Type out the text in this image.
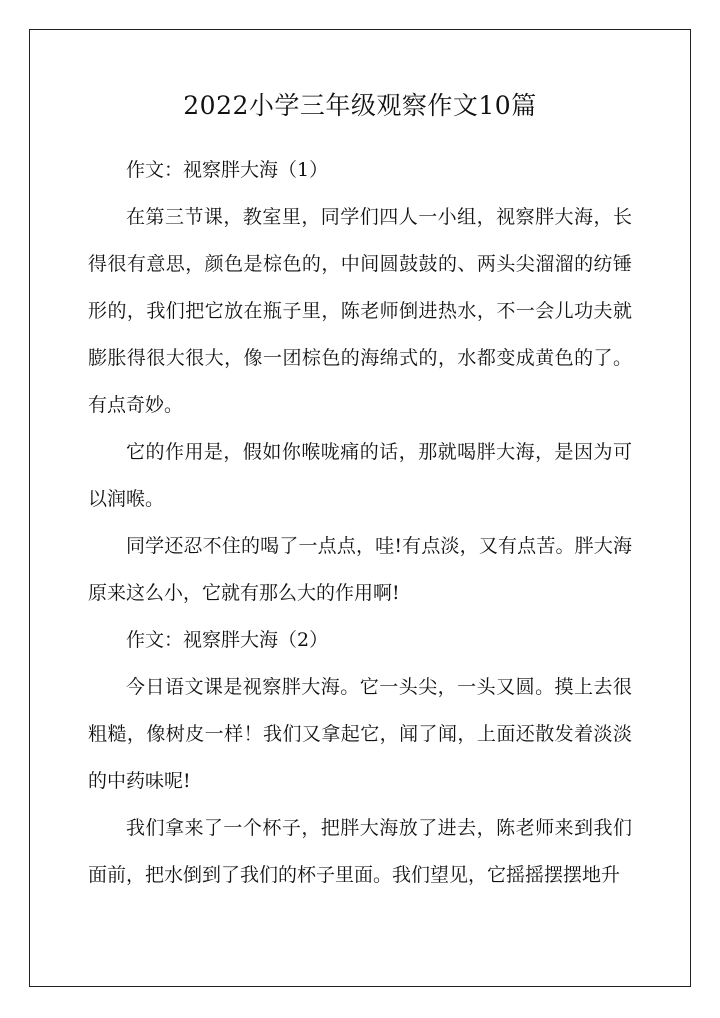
2022小学三年级观察作文10篇

作文：视察胖大海（1）

在第三节课，教室里，同学们四人一小组，视察胖大海，长得很有意思，颜色是棕色的，中间圆鼓鼓的、两头尖溜溜的纺锤形的，我们把它放在瓶子里，陈老师倒进热水，不一会儿功夫就膨胀得很大很大，像一团棕色的海绵式的，水都变成黄色的了。有点奇妙。

它的作用是，假如你喉咙痛的话，那就喝胖大海，是因为可以润喉。

同学还忍不住的喝了一点点，哇!有点淡，又有点苦。胖大海原来这么小，它就有那么大的作用啊!

作文：视察胖大海（2）

今日语文课是视察胖大海。它一头尖，一头又圆。摸上去很粗糙，像树皮一样！我们又拿起它，闻了闻，上面还散发着淡淡的中药味呢!

我们拿来了一个杯子，把胖大海放了进去，陈老师来到我们面前，把水倒到了我们的杯子里面。我们望见，它摇摇摆摆地升
